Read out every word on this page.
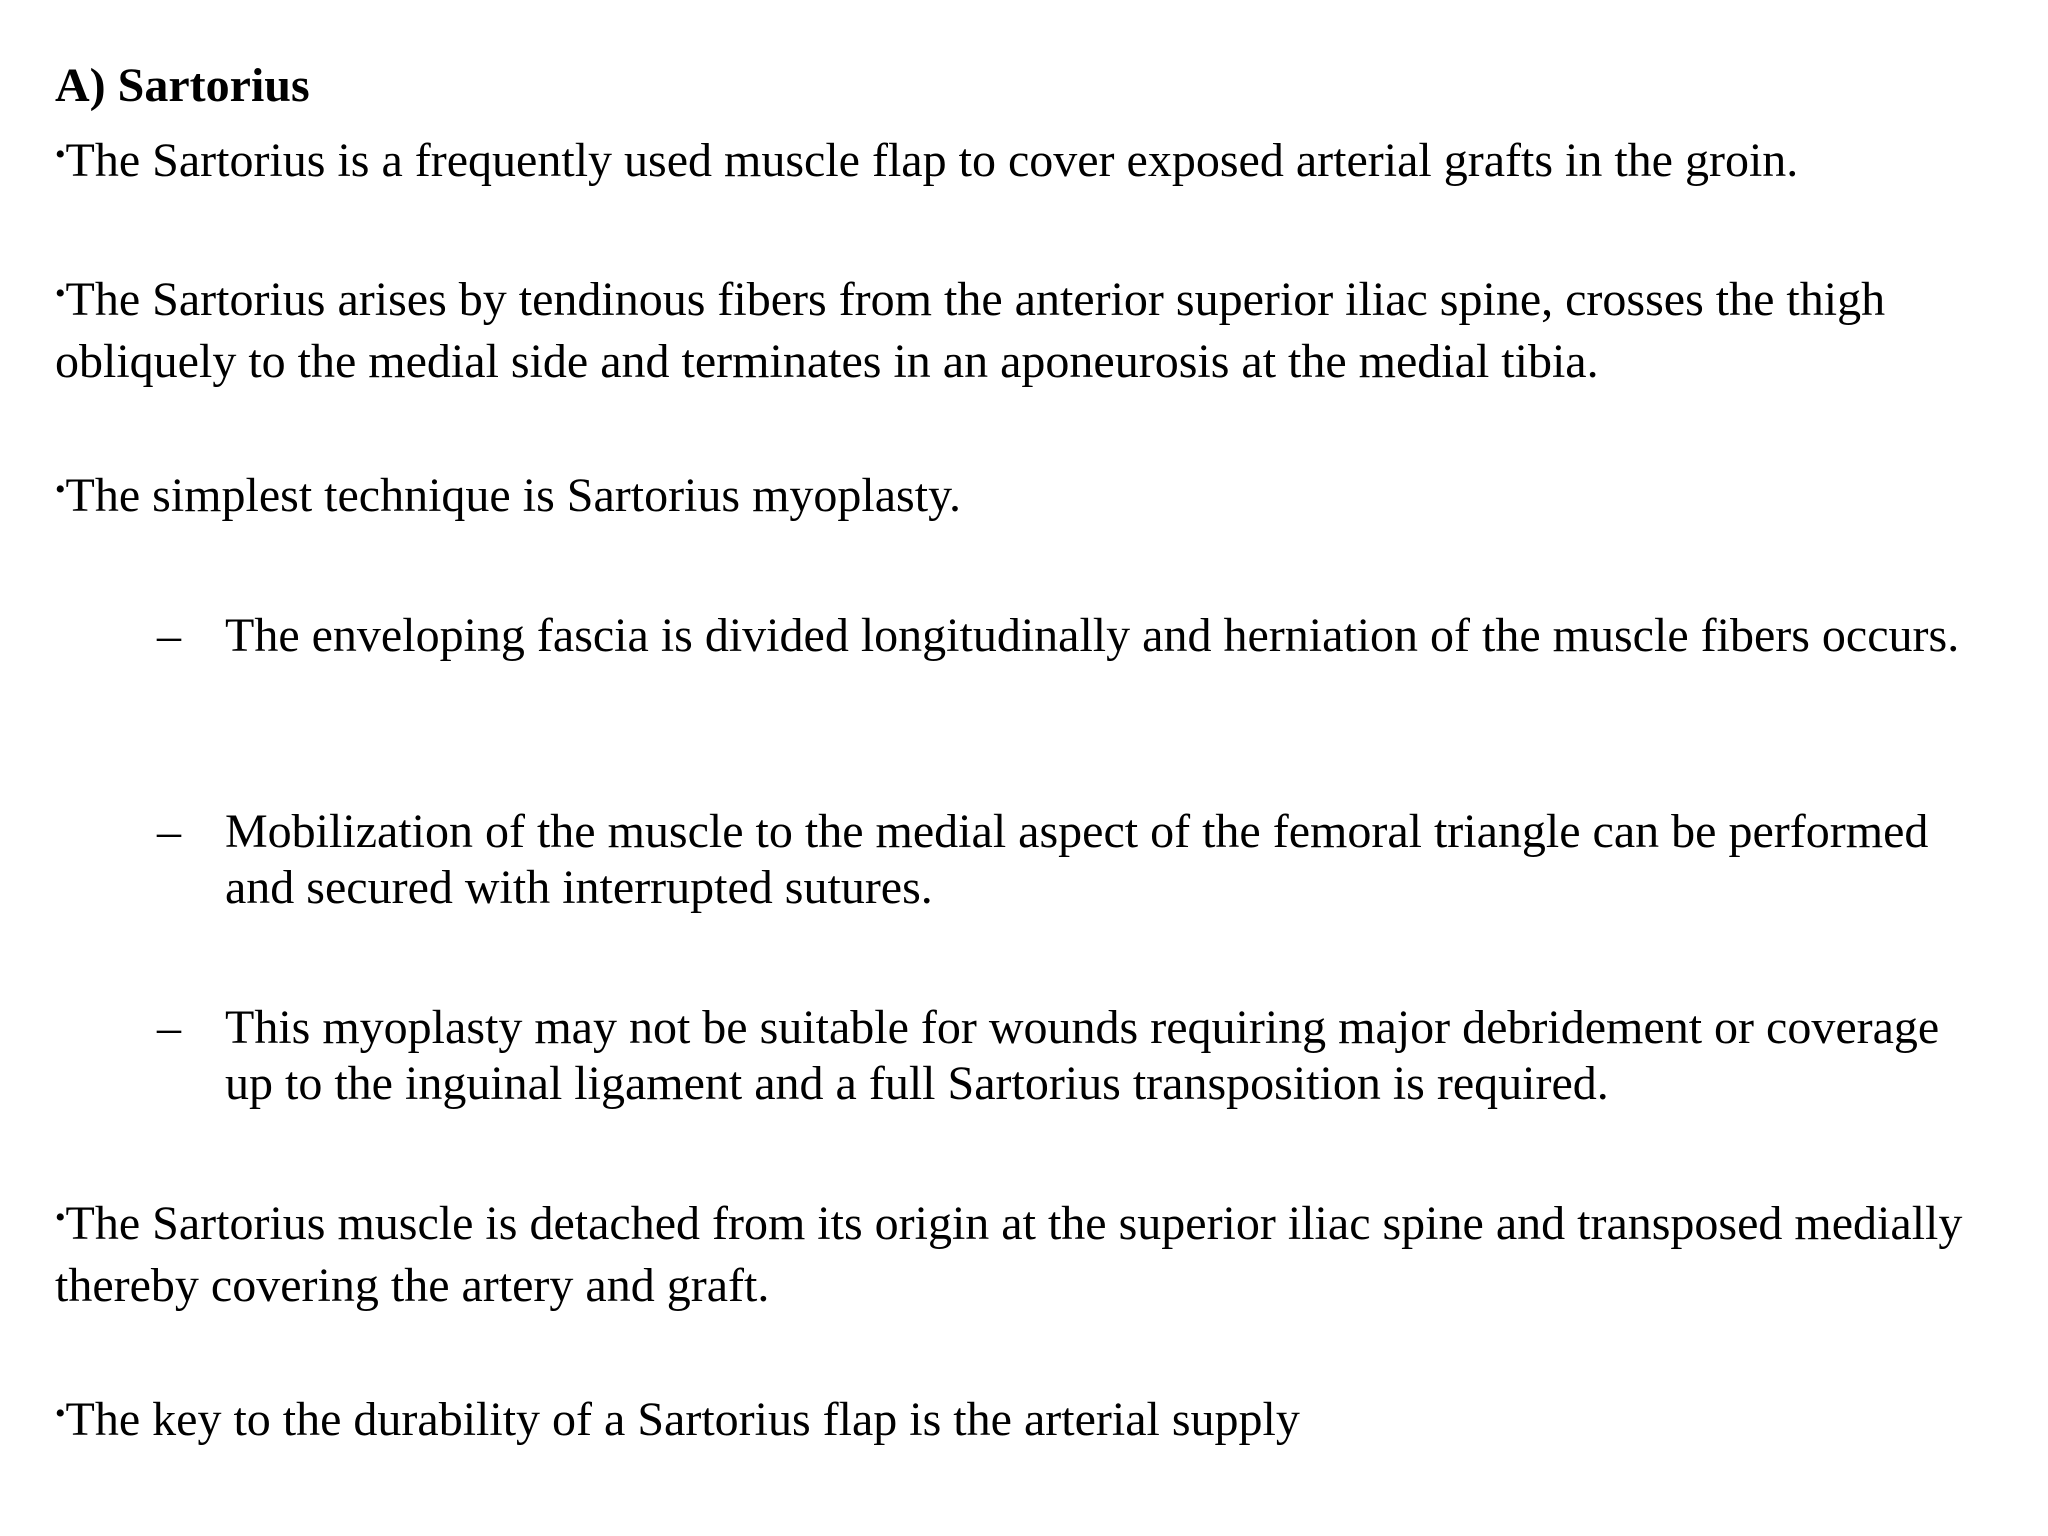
A) Sartorius
•The Sartorius is a frequently used muscle flap to cover exposed arterial grafts in the groin.
•The Sartorius arises by tendinous fibers from the anterior superior iliac spine, crosses the thigh obliquely to the medial side and terminates in an aponeurosis at the medial tibia.
•The simplest technique is Sartorius myoplasty.
– The enveloping fascia is divided longitudinally and herniation of the muscle fibers occurs.
– Mobilization of the muscle to the medial aspect of the femoral triangle can be performed and secured with interrupted sutures.
– This myoplasty may not be suitable for wounds requiring major debridement or coverage up to the inguinal ligament and a full Sartorius transposition is required.
•The Sartorius muscle is detached from its origin at the superior iliac spine and transposed medially thereby covering the artery and graft.
•The key to the durability of a Sartorius flap is the arterial supply
